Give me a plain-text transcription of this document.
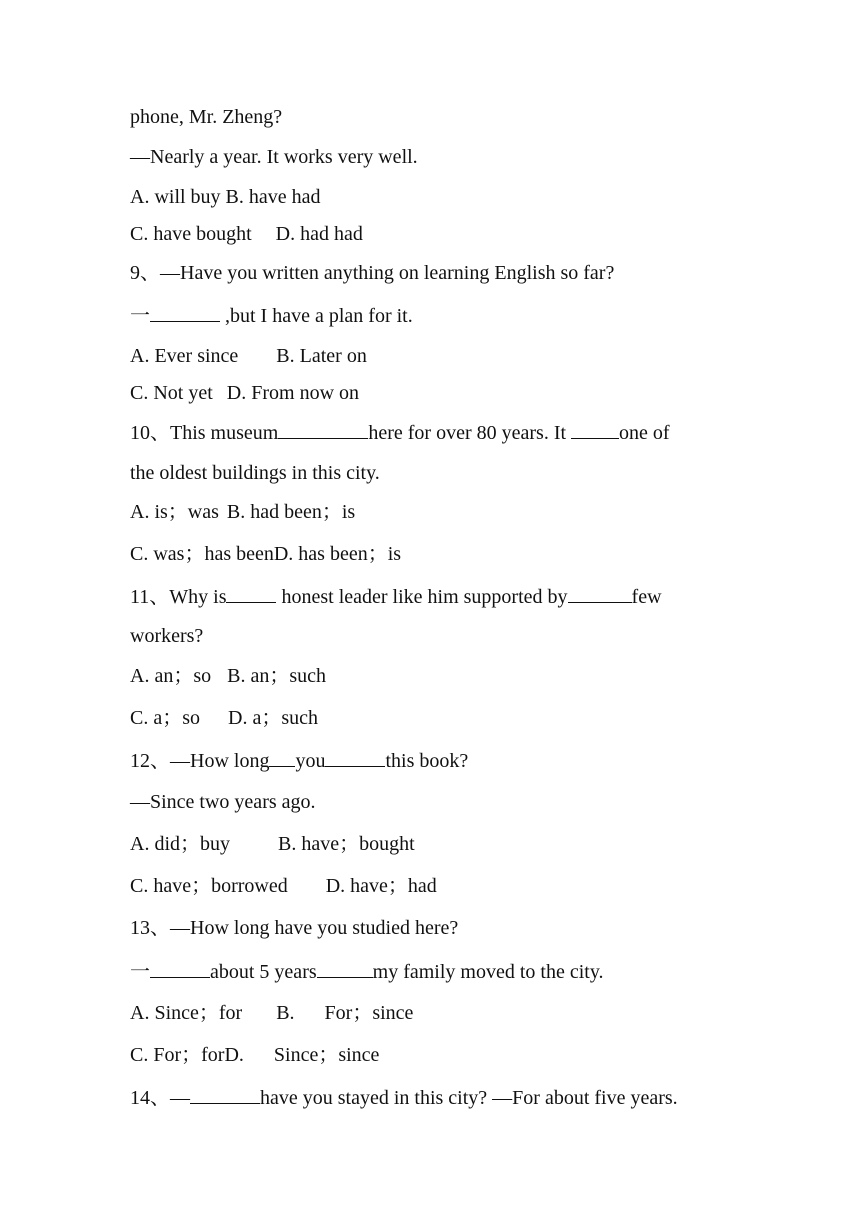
phone, Mr. Zheng?
—Nearly a year. It works very well.
A. will buy B. have had
C. have bought D. had had
9、—Have you written anything on learning English so far?
一	,but I have a plan for it.
A. Ever since B. Later on
C. Not yet D. From now on
10、This museum	here for over 80 years. It one of
the oldest buildings in this city.
A. is；was B. had been；is
C. was；has beenD. has been；is
11、Why is	honest leader like him supported by	few
workers?
A. an；so B. an；such
C. a；so D. a；such
12、—How long you	this book?
—Since two years ago.
A. did；buy B. have；bought
C. have；borrowed D. have；had
13、—How long have you studied here?
一	about 5 years	my family moved to the city.
A. Since；for B. For；since
C. For；forD. Since；since
14、—	have you stayed in this city? —For about five years.
